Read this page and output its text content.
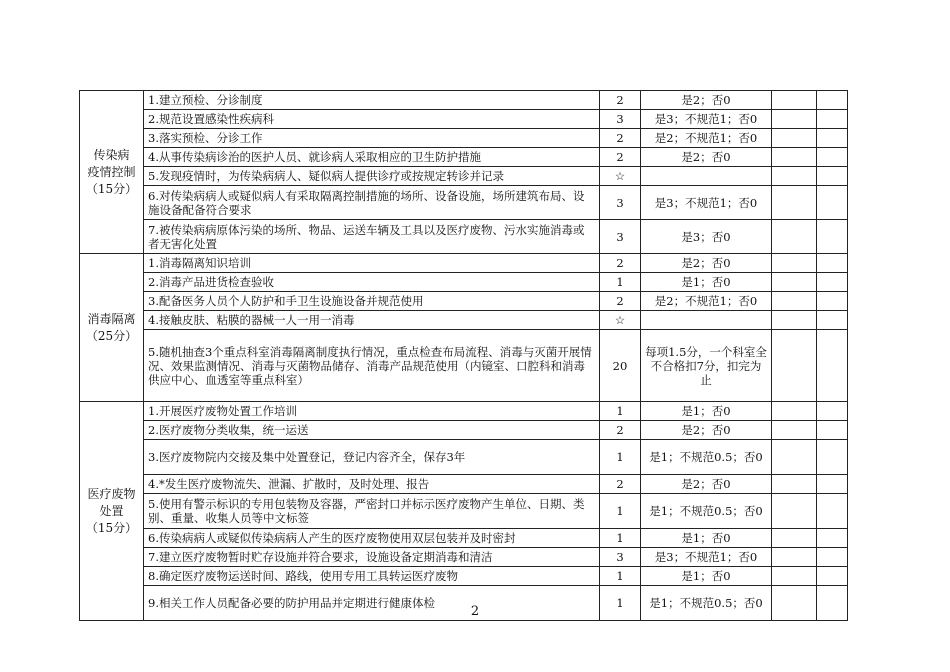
传染病
疫情控制
（15分）	1.建立预检、分诊制度	2	是2；否0		
	2.规范设置感染性疾病科	3	是3；不规范1；否0		
	3.落实预检、分诊工作	2	是2；不规范1；否0		
	4.从事传染病诊治的医护人员、就诊病人采取相应的卫生防护措施	2	是2；否0		
	5.发现疫情时，为传染病病人、疑似病人提供诊疗或按规定转诊并记录	☆			
	6.对传染病病人或疑似病人有采取隔离控制措施的场所、设备设施，场所建筑布局、设施设备配备符合要求	3	是3；不规范1；否0		
	7.被传染病病原体污染的场所、物品、运送车辆及工具以及医疗废物、污水实施消毒或者无害化处置	3	是3；否0		

消毒隔离
（25分）	1.消毒隔离知识培训	2	是2；否0		
	2.消毒产品进货检查验收	1	是1；否0		
	3.配备医务人员个人防护和手卫生设施设备并规范使用	2	是2；不规范1；否0		
	4.接触皮肤、粘膜的器械一人一用一消毒	☆			
	5.随机抽查3个重点科室消毒隔离制度执行情况，重点检查布局流程、消毒与灭菌开展情况、效果监测情况、消毒与灭菌物品储存、消毒产品规范使用（内镜室、口腔科和消毒供应中心、血透室等重点科室）	20	每项1.5分，一个科室全不合格扣7分，扣完为止		

医疗废物
处置
（15分）	1.开展医疗废物处置工作培训	1	是1；否0		
	2.医疗废物分类收集，统一运送	2	是2；否0		
	3.医疗废物院内交接及集中处置登记，登记内容齐全，保存3年	1	是1；不规范0.5；否0		
	4.*发生医疗废物流失、泄漏、扩散时，及时处理、报告	2	是2；否0		
	5.使用有警示标识的专用包装物及容器，严密封口并标示医疗废物产生单位、日期、类别、重量、收集人员等中文标签	1	是1；不规范0.5；否0		
	6.传染病病人或疑似传染病病人产生的医疗废物使用双层包装并及时密封	1	是1；否0		
	7.建立医疗废物暂时贮存设施并符合要求，设施设备定期消毒和清洁	3	是3；不规范1；否0		
	8.确定医疗废物运送时间、路线，使用专用工具转运医疗废物	1	是1；否0		
	9.相关工作人员配备必要的防护用品并定期进行健康体检	1	是1；不规范0.5；否0		
2
